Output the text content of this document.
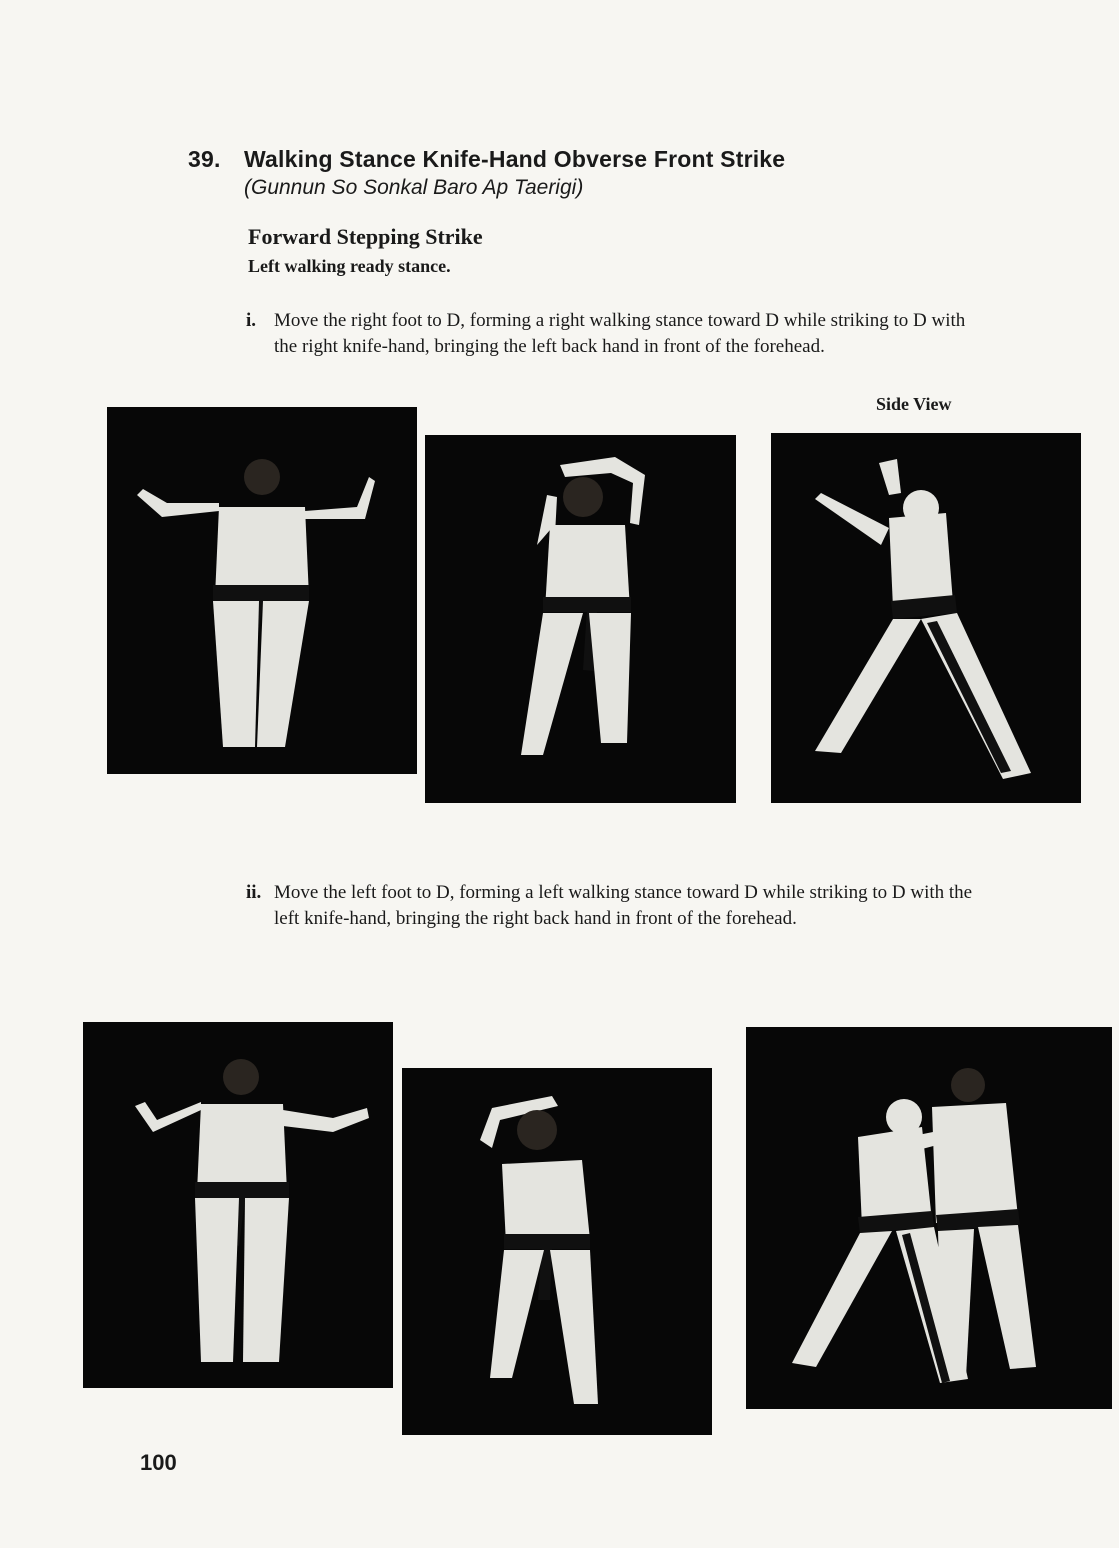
39. Walking Stance Knife-Hand Obverse Front Strike
(Gunnun So Sonkal Baro Ap Taerigi)
Forward Stepping Strike
Left walking ready stance.
i. Move the right foot to D, forming a right walking stance toward D while striking to D with the right knife-hand, bringing the left back hand in front of the forehead.
Side View
ii. Move the left foot to D, forming a left walking stance toward D while striking to D with the left knife-hand, bringing the right back hand in front of the forehead.
100
